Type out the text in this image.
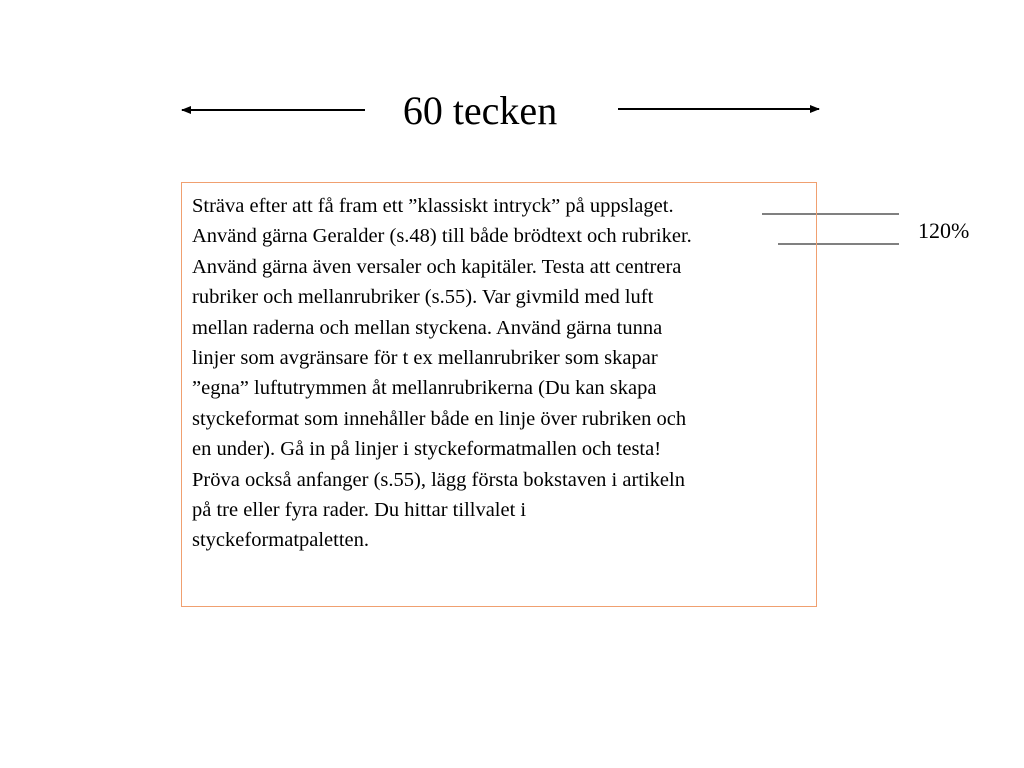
60 tecken

Sträva efter att få fram ett ”klassiskt intryck” på uppslaget.
Använd gärna Geralder (s.48) till både brödtext och rubriker.
Använd gärna även versaler och kapitäler. Testa att centrera
rubriker och mellanrubriker (s.55). Var givmild med luft
mellan raderna och mellan styckena. Använd gärna tunna
linjer som avgränsare för t ex mellanrubriker som skapar
”egna” luftutrymmen åt mellanrubrikerna (Du kan skapa
styckeformat som innehåller både en linje över rubriken och
en under). Gå in på linjer i styckeformatmallen och testa!
Pröva också anfanger (s.55), lägg första bokstaven i artikeln
på tre eller fyra rader. Du hittar tillvalet i
styckeformatpaletten.

120%
